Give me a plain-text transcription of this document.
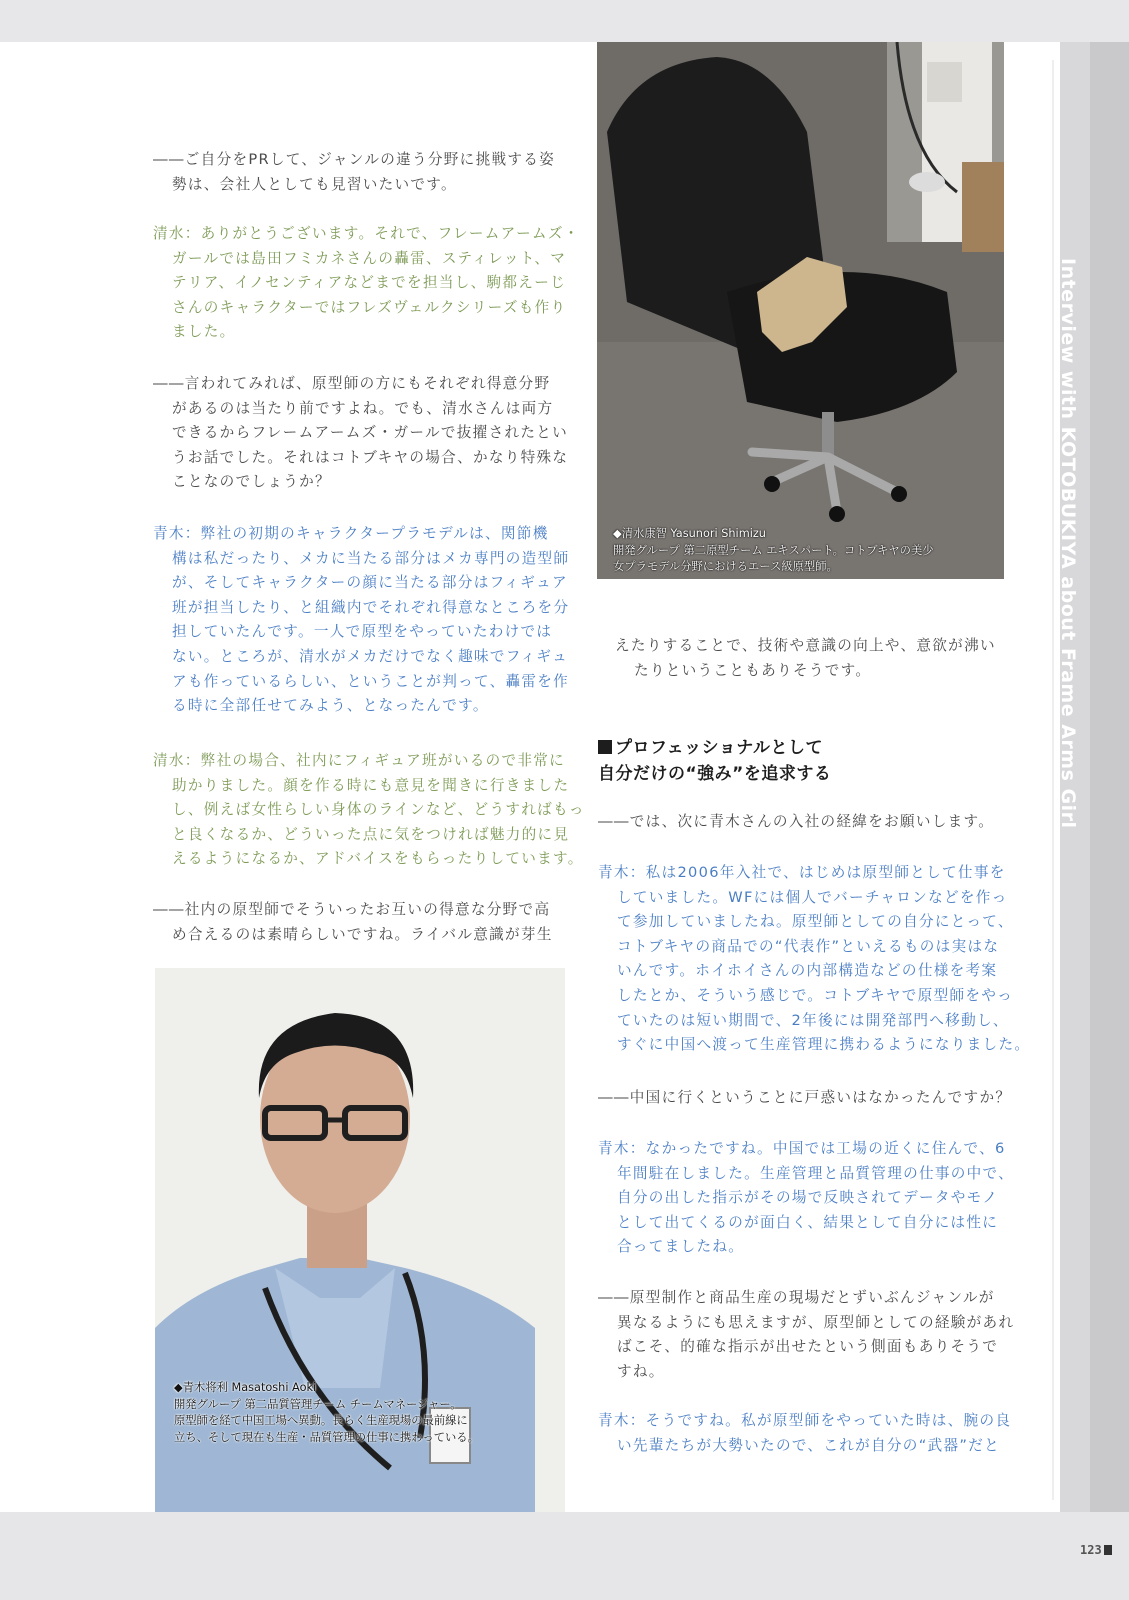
Interview with KOTOBUKIYA about Frame Arms Girl
――ご自分をPRして、ジャンルの違う分野に挑戦する姿
勢は、会社人としても見習いたいです。
清水：ありがとうございます。それで、フレームアームズ・
ガールでは島田フミカネさんの轟雷、スティレット、マ
テリア、イノセンティアなどまでを担当し、駒都えーじ
さんのキャラクターではフレズヴェルクシリーズも作り
ました。
――言われてみれば、原型師の方にもそれぞれ得意分野
があるのは当たり前ですよね。でも、清水さんは両方
できるからフレームアームズ・ガールで抜擢されたとい
うお話でした。それはコトブキヤの場合、かなり特殊な
ことなのでしょうか？
青木：弊社の初期のキャラクタープラモデルは、関節機
構は私だったり、メカに当たる部分はメカ専門の造型師
が、そしてキャラクターの顔に当たる部分はフィギュア
班が担当したり、と組織内でそれぞれ得意なところを分
担していたんです。一人で原型をやっていたわけでは
ない。ところが、清水がメカだけでなく趣味でフィギュ
アも作っているらしい、ということが判って、轟雷を作
る時に全部任せてみよう、となったんです。
清水：弊社の場合、社内にフィギュア班がいるので非常に
助かりました。顔を作る時にも意見を聞きに行きました
し、例えば女性らしい身体のラインなど、どうすればもっ
と良くなるか、どういった点に気をつければ魅力的に見
えるようになるか、アドバイスをもらったりしています。
――社内の原型師でそういったお互いの得意な分野で高
め合えるのは素晴らしいですね。ライバル意識が芽生
◆清水康智 Yasunori Shimizu
開発グループ 第二原型チーム エキスパート。コトブキヤの美少
女プラモデル分野におけるエース級原型師。
えたりすることで、技術や意識の向上や、意欲が沸い
たりということもありそうです。
プロフェッショナルとして
自分だけの“強み”を追求する
――では、次に青木さんの入社の経緯をお願いします。
青木：私は2006年入社で、はじめは原型師として仕事を
していました。WFには個人でバーチャロンなどを作っ
て参加していましたね。原型師としての自分にとって、
コトブキヤの商品での“代表作”といえるものは実はな
いんです。ホイホイさんの内部構造などの仕様を考案
したとか、そういう感じで。コトブキヤで原型師をやっ
ていたのは短い期間で、2年後には開発部門へ移動し、
すぐに中国へ渡って生産管理に携わるようになりました。
――中国に行くということに戸惑いはなかったんですか？
青木：なかったですね。中国では工場の近くに住んで、6
年間駐在しました。生産管理と品質管理の仕事の中で、
自分の出した指示がその場で反映されてデータやモノ
として出てくるのが面白く、結果として自分には性に
合ってましたね。
――原型制作と商品生産の現場だとずいぶんジャンルが
異なるようにも思えますが、原型師としての経験があれ
ばこそ、的確な指示が出せたという側面もありそうで
すね。
青木：そうですね。私が原型師をやっていた時は、腕の良
い先輩たちが大勢いたので、これが自分の“武器”だと
◆青木将利 Masatoshi Aoki
開発グループ 第二品質管理チーム チームマネージャー。
原型師を経て中国工場へ異動。長らく生産現場の最前線に
立ち、そして現在も生産・品質管理の仕事に携わっている。
123
